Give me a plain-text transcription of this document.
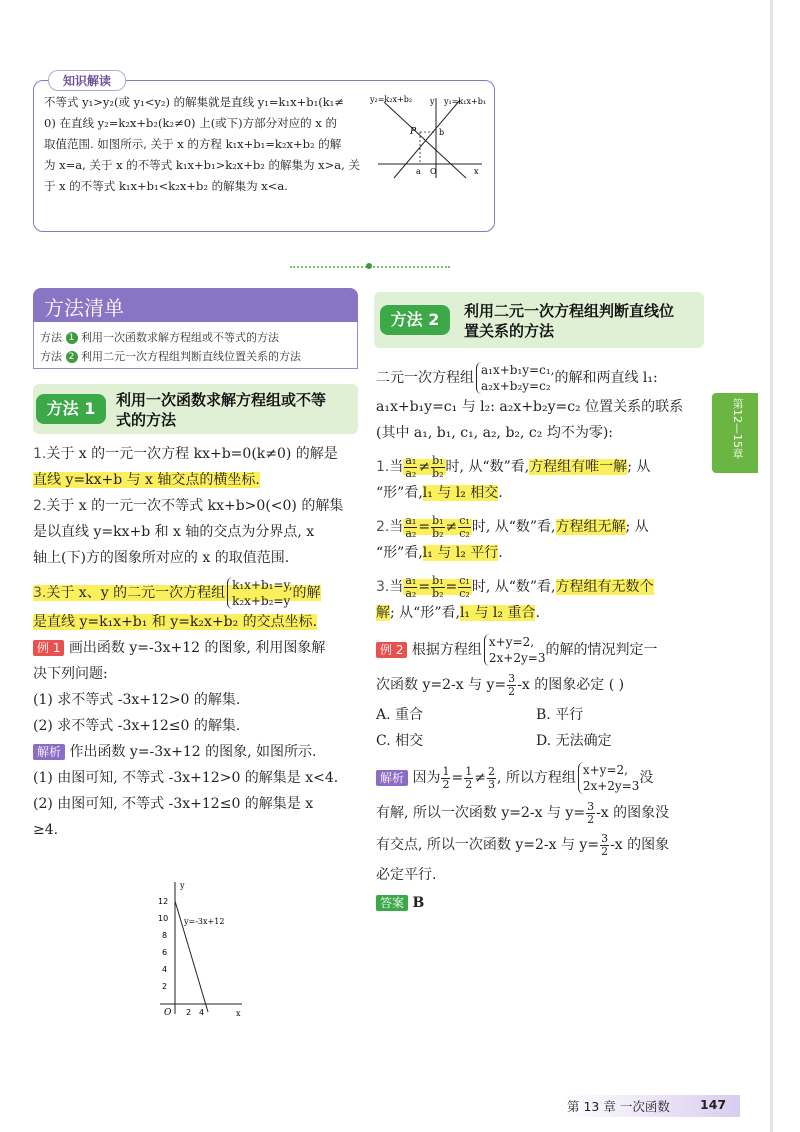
知识解读
不等式 y₁>y₂(或 y₁<y₂) 的解集就是直线 y₁=k₁x+b₁(k₁≠
0) 在直线 y₂=k₂x+b₂(k₂≠0) 上(或下)方部分对应的 x 的
取值范围. 如图所示, 关于 x 的方程 k₁x+b₁=k₂x+b₂ 的解
为 x=a, 关于 x 的不等式 k₁x+b₁>k₂x+b₂ 的解集为 x>a, 关
于 x 的不等式 k₁x+b₁<k₂x+b₂ 的解集为 x<a.
y₂=k₂x+b₂	y₁=k₁x+b₁
y
x
P	b
a O
方法清单
方法 1 利用一次函数求解方程组或不等式的方法
方法 2 利用二元一次方程组判断直线位置关系的方法
方法 1	利用一次函数求解方程组或不等
式的方法
1.关于 x 的一元一次方程 kx+b=0(k≠0) 的解是
直线 y=kx+b 与 x 轴交点的横坐标.
2.关于 x 的一元一次不等式 kx+b>0(<0) 的解集
是以直线 y=kx+b 和 x 轴的交点为分界点, x
轴上(下)方的图象所对应的 x 的取值范围.
3.关于 x、y 的二元一次方程组 k₁x+b₁=y,
k₂x+b₂=y 的解
是直线 y=k₁x+b₁ 和 y=k₂x+b₂ 的交点坐标.
例 1 画出函数 y=-3x+12 的图象, 利用图象解
决下列问题:
(1) 求不等式 -3x+12>0 的解集.
(2) 求不等式 -3x+12≤0 的解集.
解析 作出函数 y=-3x+12 的图象, 如图所示.
(1) 由图可知, 不等式 -3x+12>0 的解集是 x<4.
(2) 由图可知, 不等式 -3x+12≤0 的解集是 x
≥4.
y
x
O
y=-3x+12
12
10
8
6
4
2
2 4
方法 2	利用二元一次方程组判断直线位
置关系的方法
二元一次方程组 a₁x+b₁y=c₁,
a₂x+b₂y=c₂ 的解和两直线 l₁:
a₁x+b₁y=c₁ 与 l₂: a₂x+b₂y=c₂ 位置关系的联系
(其中 a₁, b₁, c₁, a₂, b₂, c₂ 均不为零):
1.当 $\frac{\text{a₁}}{\text{a₂}} \ne \frac{\text{b₁}}{\text{b₂}}$ 时, 从“数”看,方程组有唯一解; 从
“形”看,l₁ 与 l₂ 相交.
2.当 $\frac{\text{a₁}}{\text{a₂}} = \frac{\text{b₁}}{\text{b₂}} \ne \frac{\text{c₁}}{\text{c₂}}$ 时, 从“数”看,方程组无解; 从
“形”看,l₁ 与 l₂ 平行.
3.当 $\frac{\text{a₁}}{\text{a₂}} = \frac{\text{b₁}}{\text{b₂}} = \frac{\text{c₁}}{\text{c₂}}$ 时, 从“数”看,方程组有无数个
解; 从“形”看,l₁ 与 l₂ 重合.
例 2 根据方程组 x+y=2,
2x+2y=3 的解的情况判定一
次函数 y=2-x 与 $y= \frac{3}{2} -x$ 的图象必定 ( )
A. 重合	B. 平行
C. 相交	D. 无法确定
解析 因为 $\frac{1}{2} = \frac{1}{2} \ne \frac{2}{3}$ , 所以方程组 x+y=2,
2x+2y=3 没
有解, 所以一次函数 y=2-x 与 $y= \frac{3}{2} -x$ 的图象没
有交点, 所以一次函数 y=2-x 与 $y= \frac{3}{2} -x$ 的图象
必定平行.
答案 B
第12—15章
第 13 章 一次函数 147
